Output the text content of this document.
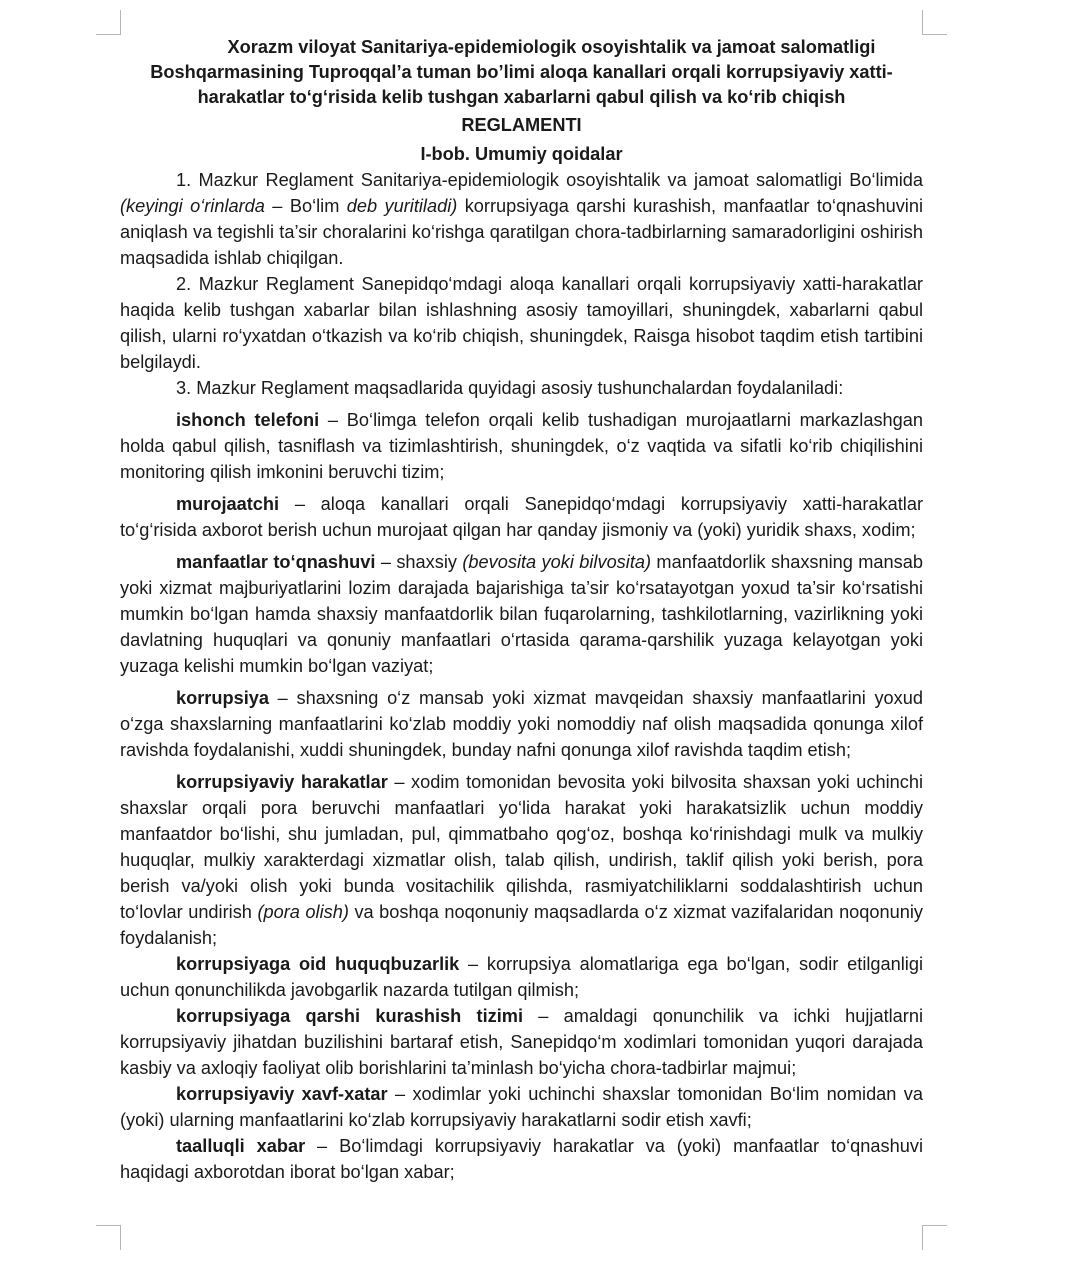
Xorazm viloyat Sanitariya-epidemiologik osoyishtalik va jamoat salomatligi
Boshqarmasining Tuproqqal’a tuman bo’limi aloqa kanallari orqali korrupsiyaviy xatti-
harakatlar to‘g‘risida kelib tushgan xabarlarni qabul qilish va ko‘rib chiqish
REGLAMENTI
I-bob. Umumiy qoidalar

1. Mazkur Reglament Sanitariya-epidemiologik osoyishtalik va jamoat salomatligi Bo‘limida (keyingi o‘rinlarda – Bo‘lim deb yuritiladi) korrupsiyaga qarshi kurashish, manfaatlar to‘qnashuvini aniqlash va tegishli ta’sir choralarini ko‘rishga qaratilgan chora-tadbirlarning samaradorligini oshirish maqsadida ishlab chiqilgan.

2. Mazkur Reglament Sanepidqo‘mdagi aloqa kanallari orqali korrupsiyaviy xatti-harakatlar haqida kelib tushgan xabarlar bilan ishlashning asosiy tamoyillari, shuningdek, xabarlarni qabul qilish, ularni ro‘yxatdan o‘tkazish va ko‘rib chiqish, shuningdek, Raisga hisobot taqdim etish tartibini belgilaydi.

3. Mazkur Reglament maqsadlarida quyidagi asosiy tushunchalardan foydalaniladi:

ishonch telefoni – Bo‘limga telefon orqali kelib tushadigan murojaatlarni markazlashgan holda qabul qilish, tasniflash va tizimlashtirish, shuningdek, o‘z vaqtida va sifatli ko‘rib chiqilishini monitoring qilish imkonini beruvchi tizim;

murojaatchi – aloqa kanallari orqali Sanepidqo‘mdagi korrupsiyaviy xatti-harakatlar to‘g‘risida axborot berish uchun murojaat qilgan har qanday jismoniy va (yoki) yuridik shaxs, xodim;

manfaatlar to‘qnashuvi – shaxsiy (bevosita yoki bilvosita) manfaatdorlik shaxsning mansab yoki xizmat majburiyatlarini lozim darajada bajarishiga ta’sir ko‘rsatayotgan yoxud ta’sir ko‘rsatishi mumkin bo‘lgan hamda shaxsiy manfaatdorlik bilan fuqarolarning, tashkilotlarning, vazirlikning yoki davlatning huquqlari va qonuniy manfaatlari o‘rtasida qarama-qarshilik yuzaga kelayotgan yoki yuzaga kelishi mumkin bo‘lgan vaziyat;

korrupsiya – shaxsning o‘z mansab yoki xizmat mavqeidan shaxsiy manfaatlarini yoxud o‘zga shaxslarning manfaatlarini ko‘zlab moddiy yoki nomoddiy naf olish maqsadida qonunga xilof ravishda foydalanishi, xuddi shuningdek, bunday nafni qonunga xilof ravishda taqdim etish;

korrupsiyaviy harakatlar – xodim tomonidan bevosita yoki bilvosita shaxsan yoki uchinchi shaxslar orqali pora beruvchi manfaatlari yo‘lida harakat yoki harakatsizlik uchun moddiy manfaatdor bo‘lishi, shu jumladan, pul, qimmatbaho qog‘oz, boshqa ko‘rinishdagi mulk va mulkiy huquqlar, mulkiy xarakterdagi xizmatlar olish, talab qilish, undirish, taklif qilish yoki berish, pora berish va/yoki olish yoki bunda vositachilik qilishda, rasmiyatchiliklarni soddalashtirish uchun to‘lovlar undirish (pora olish) va boshqa noqonuniy maqsadlarda o‘z xizmat vazifalaridan noqonuniy foydalanish;

korrupsiyaga oid huquqbuzarlik – korrupsiya alomatlariga ega bo‘lgan, sodir etilganligi uchun qonunchilikda javobgarlik nazarda tutilgan qilmish;

korrupsiyaga qarshi kurashish tizimi – amaldagi qonunchilik va ichki hujjatlarni korrupsiyaviy jihatdan buzilishini bartaraf etish, Sanepidqo‘m xodimlari tomonidan yuqori darajada kasbiy va axloqiy faoliyat olib borishlarini ta’minlash bo‘yicha chora-tadbirlar majmui;

korrupsiyaviy xavf-xatar – xodimlar yoki uchinchi shaxslar tomonidan Bo‘lim nomidan va (yoki) ularning manfaatlarini ko‘zlab korrupsiyaviy harakatlarni sodir etish xavfi;

taalluqli xabar – Bo‘limdagi korrupsiyaviy harakatlar va (yoki) manfaatlar to‘qnashuvi haqidagi axborotdan iborat bo‘lgan xabar;
